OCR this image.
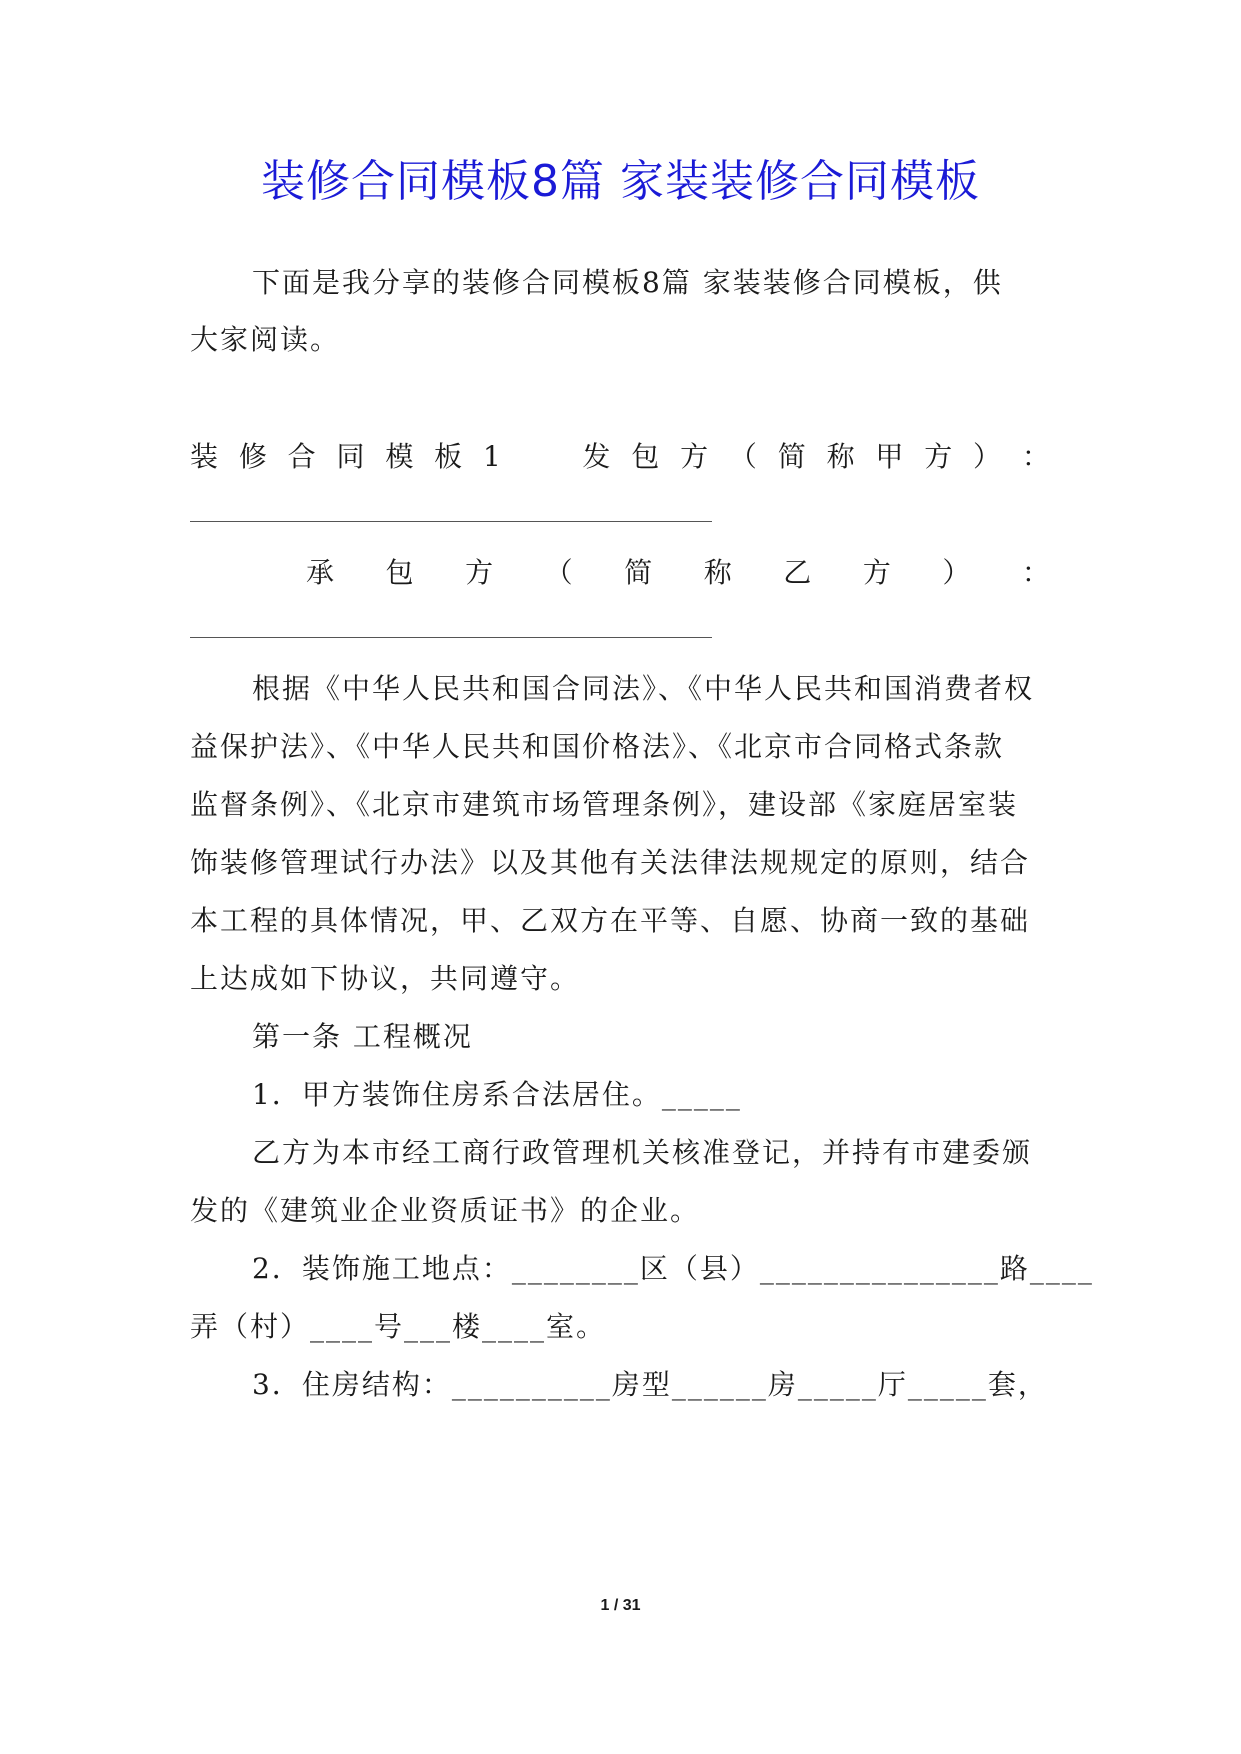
装修合同模板8篇 家装装修合同模板
下面是我分享的装修合同模板8篇 家装装修合同模板，供
大家阅读。
装 修 合 同 模 板 1	发 包 方 （ 简 称 甲 方 ） ：
承 包 方 （ 简 称 乙 方 ） ：
根据《中华人民共和国合同法》、《中华人民共和国消费者权
益保护法》、《中华人民共和国价格法》、《北京市合同格式条款
监督条例》、《北京市建筑市场管理条例》，建设部《家庭居室装
饰装修管理试行办法》以及其他有关法律法规规定的原则，结合
本工程的具体情况，甲、乙双方在平等、自愿、协商一致的基础
上达成如下协议，共同遵守。
第一条 工程概况
1．甲方装饰住房系合法居住。_____
乙方为本市经工商行政管理机关核准登记，并持有市建委颁
发的《建筑业企业资质证书》的企业。
2．装饰施工地点：________区（县）_______________路____
弄（村）____号___楼____室。
3．住房结构：__________房型______房_____厅_____套，
1 / 31
